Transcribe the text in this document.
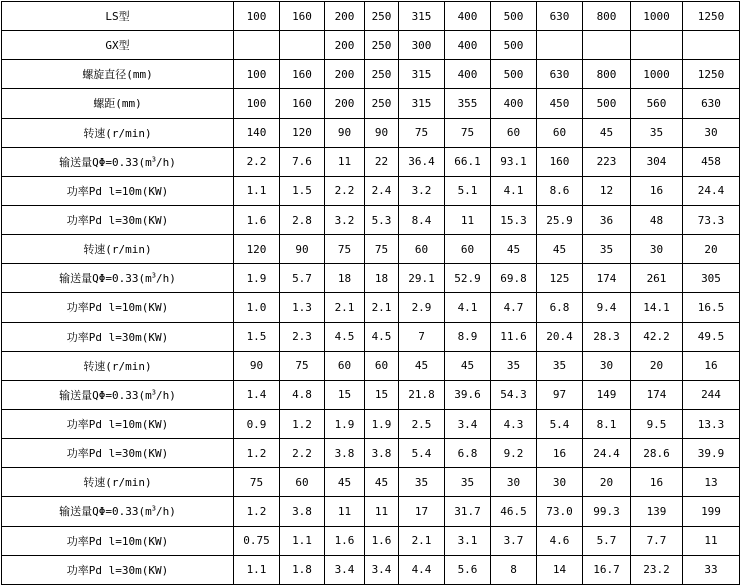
LS型	100	160	200	250	315	400	500	630	800	1000	1250
GX型			200	250	300	400	500				
螺旋直径(mm)	100	160	200	250	315	400	500	630	800	1000	1250
螺距(mm)	100	160	200	250	315	355	400	450	500	560	630
转速(r/min)	140	120	90	90	75	75	60	60	45	35	30
输送量$Q\Phi=0.33(m^3/h)$	2.2	7.6	11	22	36.4	66.1	93.1	160	223	304	458
功率Pd l=10m(KW)	1.1	1.5	2.2	2.4	3.2	5.1	4.1	8.6	12	16	24.4
功率Pd l=30m(KW)	1.6	2.8	3.2	5.3	8.4	11	15.3	25.9	36	48	73.3
转速(r/min)	120	90	75	75	60	60	45	45	35	30	20
输送量$Q\Phi=0.33(m^3/h)$	1.9	5.7	18	18	29.1	52.9	69.8	125	174	261	305
功率Pd l=10m(KW)	1.0	1.3	2.1	2.1	2.9	4.1	4.7	6.8	9.4	14.1	16.5
功率Pd l=30m(KW)	1.5	2.3	4.5	4.5	7	8.9	11.6	20.4	28.3	42.2	49.5
转速(r/min)	90	75	60	60	45	45	35	35	30	20	16
输送量$Q\Phi=0.33(m^3/h)$	1.4	4.8	15	15	21.8	39.6	54.3	97	149	174	244
功率Pd l=10m(KW)	0.9	1.2	1.9	1.9	2.5	3.4	4.3	5.4	8.1	9.5	13.3
功率Pd l=30m(KW)	1.2	2.2	3.8	3.8	5.4	6.8	9.2	16	24.4	28.6	39.9
转速(r/min)	75	60	45	45	35	35	30	30	20	16	13
输送量$Q\Phi=0.33(m^3/h)$	1.2	3.8	11	11	17	31.7	46.5	73.0	99.3	139	199
功率Pd l=10m(KW)	0.75	1.1	1.6	1.6	2.1	3.1	3.7	4.6	5.7	7.7	11
功率Pd l=30m(KW)	1.1	1.8	3.4	3.4	4.4	5.6	8	14	16.7	23.2	33
